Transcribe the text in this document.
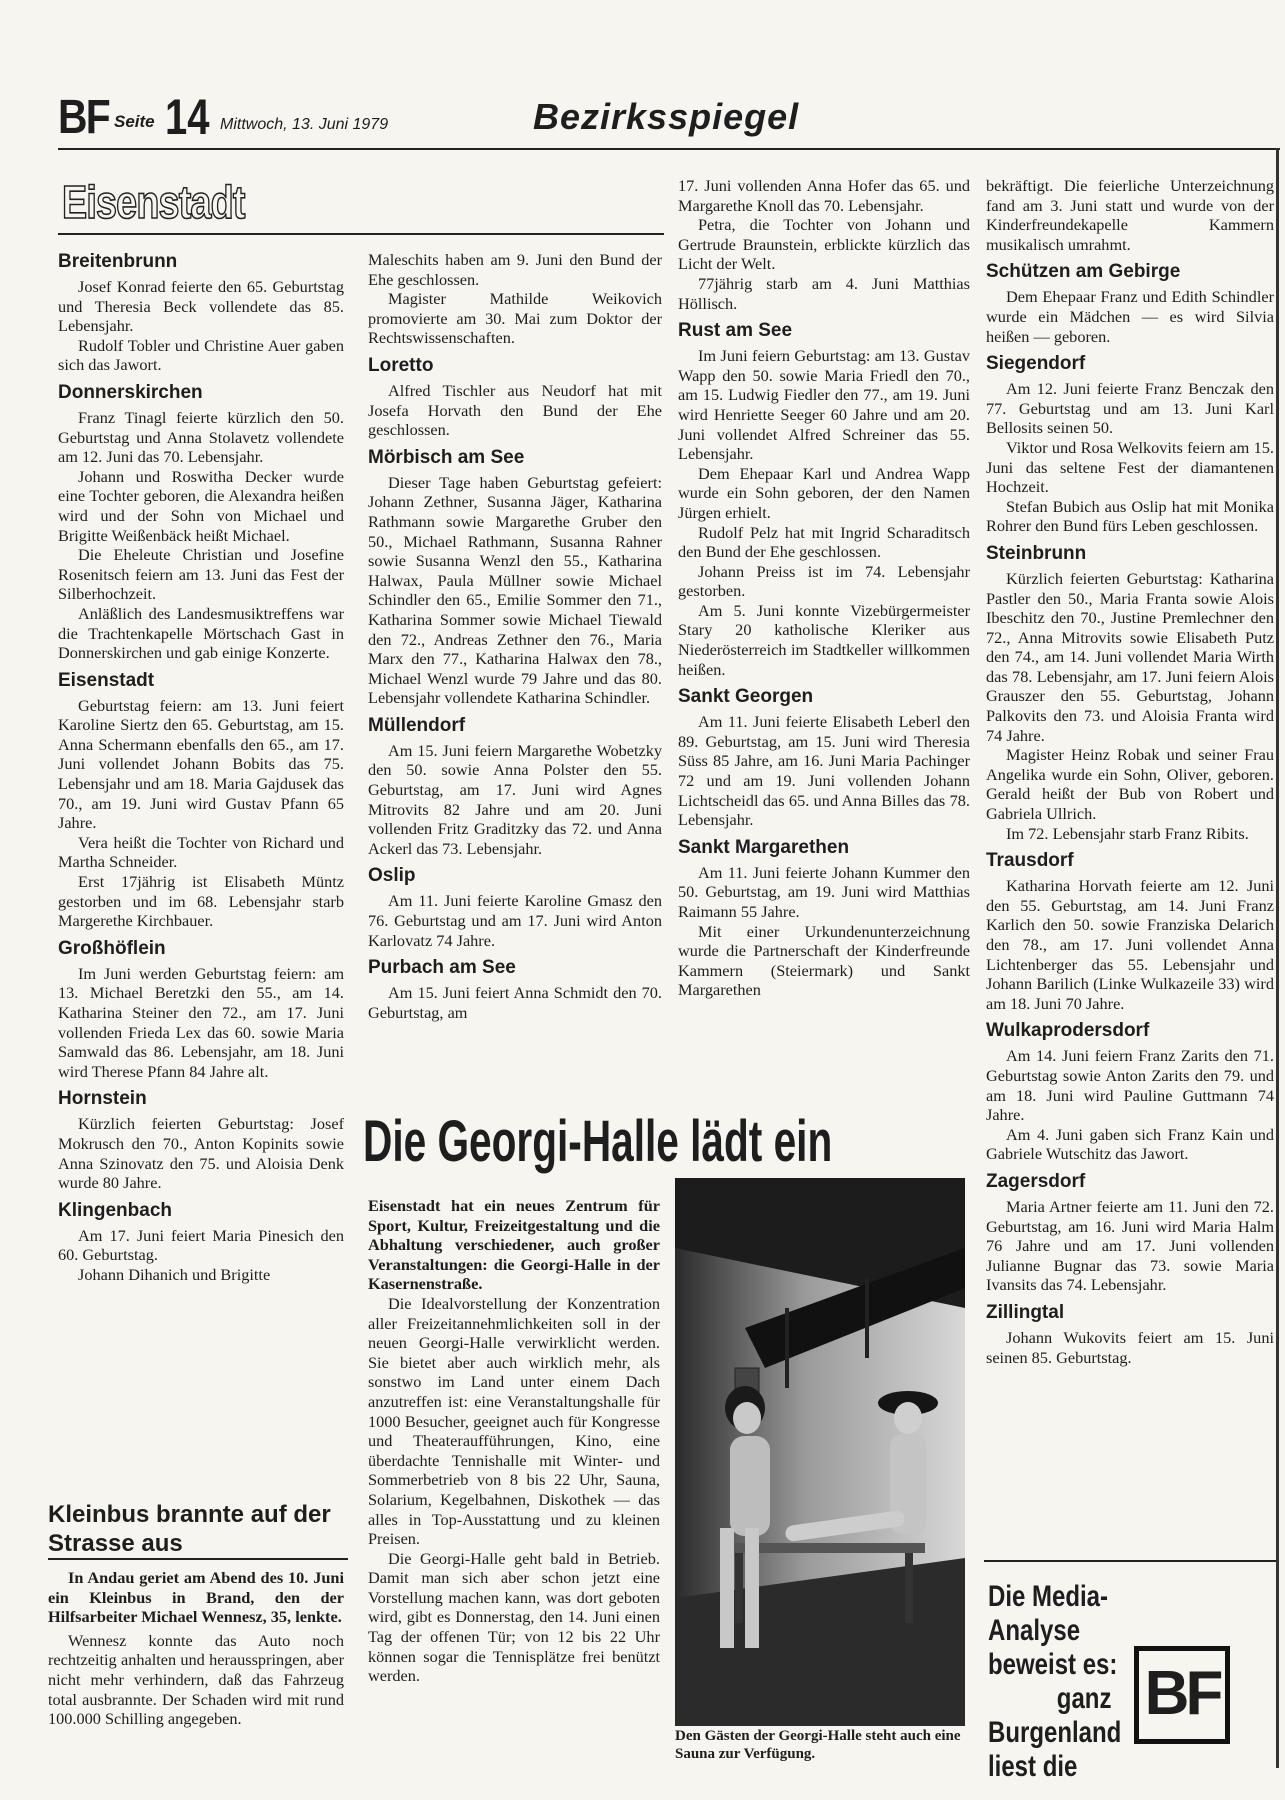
BF Seite 14 Mittwoch, 13. Juni 1979	Bezirksspiegel
Eisenstadt
Breitenbrunn

Josef Konrad feierte den 65. Geburtstag und Theresia Beck vollendete das 85. Lebensjahr.

Rudolf Tobler und Christine Auer gaben sich das Jawort.

Donnerskirchen

Franz Tinagl feierte kürzlich den 50. Geburtstag und Anna Stolavetz vollendete am 12. Juni das 70. Lebensjahr.

Johann und Roswitha Decker wurde eine Tochter geboren, die Alexandra heißen wird und der Sohn von Michael und Brigitte Weißenbäck heißt Michael.

Die Eheleute Christian und Josefine Rosenitsch feiern am 13. Juni das Fest der Silberhochzeit.

Anläßlich des Landesmusiktreffens war die Trachtenkapelle Mörtschach Gast in Donnerskirchen und gab einige Konzerte.

Eisenstadt

Geburtstag feiern: am 13. Juni feiert Karoline Siertz den 65. Geburtstag, am 15. Anna Schermann ebenfalls den 65., am 17. Juni vollendet Johann Bobits das 75. Lebensjahr und am 18. Maria Gajdusek das 70., am 19. Juni wird Gustav Pfann 65 Jahre.

Vera heißt die Tochter von Richard und Martha Schneider.

Erst 17jährig ist Elisabeth Müntz gestorben und im 68. Lebensjahr starb Margerethe Kirchbauer.

Großhöflein

Im Juni werden Geburtstag feiern: am 13. Michael Beretzki den 55., am 14. Katharina Steiner den 72., am 17. Juni vollenden Frieda Lex das 60. sowie Maria Samwald das 86. Lebensjahr, am 18. Juni wird Therese Pfann 84 Jahre alt.

Hornstein

Kürzlich feierten Geburtstag: Josef Mokrusch den 70., Anton Kopinits sowie Anna Szinovatz den 75. und Aloisia Denk wurde 80 Jahre.

Klingenbach

Am 17. Juni feiert Maria Pinesich den 60. Geburtstag.

Johann Dihanich und Brigitte

Kleinbus brannte auf der Strasse aus

In Andau geriet am Abend des 10. Juni ein Kleinbus in Brand, den der Hilfsarbeiter Michael Wennesz, 35, lenkte.

Wennesz konnte das Auto noch rechtzeitig anhalten und herausspringen, aber nicht mehr verhindern, daß das Fahrzeug total ausbrannte. Der Schaden wird mit rund 100.000 Schilling angegeben.

Maleschits haben am 9. Juni den Bund der Ehe geschlossen.

Magister Mathilde Weikovich promovierte am 30. Mai zum Doktor der Rechtswissenschaften.

Loretto

Alfred Tischler aus Neudorf hat mit Josefa Horvath den Bund der Ehe geschlossen.

Mörbisch am See

Dieser Tage haben Geburtstag gefeiert: Johann Zethner, Susanna Jäger, Katharina Rathmann sowie Margarethe Gruber den 50., Michael Rathmann, Susanna Rahner sowie Susanna Wenzl den 55., Katharina Halwax, Paula Müllner sowie Michael Schindler den 65., Emilie Sommer den 71., Katharina Sommer sowie Michael Tiewald den 72., Andreas Zethner den 76., Maria Marx den 77., Katharina Halwax den 78., Michael Wenzl wurde 79 Jahre und das 80. Lebensjahr vollendete Katharina Schindler.

Müllendorf

Am 15. Juni feiern Margarethe Wobetzky den 50. sowie Anna Polster den 55. Geburtstag, am 17. Juni wird Agnes Mitrovits 82 Jahre und am 20. Juni vollenden Fritz Graditzky das 72. und Anna Ackerl das 73. Lebensjahr.

Oslip

Am 11. Juni feierte Karoline Gmasz den 76. Geburtstag und am 17. Juni wird Anton Karlovatz 74 Jahre.

Purbach am See

Am 15. Juni feiert Anna Schmidt den 70. Geburtstag, am

17. Juni vollenden Anna Hofer das 65. und Margarethe Knoll das 70. Lebensjahr.

Petra, die Tochter von Johann und Gertrude Braunstein, erblickte kürzlich das Licht der Welt.

77jährig starb am 4. Juni Matthias Höllisch.

Rust am See

Im Juni feiern Geburtstag: am 13. Gustav Wapp den 50. sowie Maria Friedl den 70., am 15. Ludwig Fiedler den 77., am 19. Juni wird Henriette Seeger 60 Jahre und am 20. Juni vollendet Alfred Schreiner das 55. Lebensjahr.

Dem Ehepaar Karl und Andrea Wapp wurde ein Sohn geboren, der den Namen Jürgen erhielt.

Rudolf Pelz hat mit Ingrid Scharaditsch den Bund der Ehe geschlossen.

Johann Preiss ist im 74. Lebensjahr gestorben.

Am 5. Juni konnte Vizebürgermeister Stary 20 katholische Kleriker aus Niederösterreich im Stadtkeller willkommen heißen.

Sankt Georgen

Am 11. Juni feierte Elisabeth Leberl den 89. Geburtstag, am 15. Juni wird Theresia Süss 85 Jahre, am 16. Juni Maria Pachinger 72 und am 19. Juni vollenden Johann Lichtscheidl das 65. und Anna Billes das 78. Lebensjahr.

Sankt Margarethen

Am 11. Juni feierte Johann Kummer den 50. Geburtstag, am 19. Juni wird Matthias Raimann 55 Jahre.

Mit einer Urkundenunterzeichnung wurde die Partnerschaft der Kinderfreunde Kammern (Steiermark) und Sankt Margarethen

bekräftigt. Die feierliche Unterzeichnung fand am 3. Juni statt und wurde von der Kinderfreundekapelle Kammern musikalisch umrahmt.

Schützen am Gebirge

Dem Ehepaar Franz und Edith Schindler wurde ein Mädchen — es wird Silvia heißen — geboren.

Siegendorf

Am 12. Juni feierte Franz Benczak den 77. Geburtstag und am 13. Juni Karl Bellosits seinen 50.

Viktor und Rosa Welkovits feiern am 15. Juni das seltene Fest der diamantenen Hochzeit.

Stefan Bubich aus Oslip hat mit Monika Rohrer den Bund fürs Leben geschlossen.

Steinbrunn

Kürzlich feierten Geburtstag: Katharina Pastler den 50., Maria Franta sowie Alois Ibeschitz den 70., Justine Premlechner den 72., Anna Mitrovits sowie Elisabeth Putz den 74., am 14. Juni vollendet Maria Wirth das 78. Lebensjahr, am 17. Juni feiern Alois Grauszer den 55. Geburtstag, Johann Palkovits den 73. und Aloisia Franta wird 74 Jahre.

Magister Heinz Robak und seiner Frau Angelika wurde ein Sohn, Oliver, geboren. Gerald heißt der Bub von Robert und Gabriela Ullrich.

Im 72. Lebensjahr starb Franz Ribits.

Trausdorf

Katharina Horvath feierte am 12. Juni den 55. Geburtstag, am 14. Juni Franz Karlich den 50. sowie Franziska Delarich den 78., am 17. Juni vollendet Anna Lichtenberger das 55. Lebensjahr und Johann Barilich (Linke Wulkazeile 33) wird am 18. Juni 70 Jahre.

Wulkaprodersdorf

Am 14. Juni feiern Franz Zarits den 71. Geburtstag sowie Anton Zarits den 79. und am 18. Juni wird Pauline Guttmann 74 Jahre.

Am 4. Juni gaben sich Franz Kain und Gabriele Wutschitz das Jawort.

Zagersdorf

Maria Artner feierte am 11. Juni den 72. Geburtstag, am 16. Juni wird Maria Halm 76 Jahre und am 17. Juni vollenden Julianne Bugnar das 73. sowie Maria Ivansits das 74. Lebensjahr.

Zillingtal

Johann Wukovits feiert am 15. Juni seinen 85. Geburtstag.

Die Georgi-Halle lädt ein

Eisenstadt hat ein neues Zentrum für Sport, Kultur, Freizeitgestaltung und die Abhaltung verschiedener, auch großer Veranstaltungen: die Georgi-Halle in der Kasernenstraße.

Die Idealvorstellung der Konzentration aller Freizeitannehmlichkeiten soll in der neuen Georgi-Halle verwirklicht werden. Sie bietet aber auch wirklich mehr, als sonstwo im Land unter einem Dach anzutreffen ist: eine Veranstaltungshalle für 1000 Besucher, geeignet auch für Kongresse und Theateraufführungen, Kino, eine überdachte Tennishalle mit Winter- und Sommerbetrieb von 8 bis 22 Uhr, Sauna, Solarium, Kegelbahnen, Diskothek — das alles in Top-Ausstattung und zu kleinen Preisen.

Die Georgi-Halle geht bald in Betrieb. Damit man sich aber schon jetzt eine Vorstellung machen kann, was dort geboten wird, gibt es Donnerstag, den 14. Juni einen Tag der offenen Tür; von 12 bis 22 Uhr können sogar die Tennisplätze frei benützt werden.

Den Gästen der Georgi-Halle steht auch eine Sauna zur Verfügung.
Die Media-Analyse
beweist es:
ganz
Burgenland
liest die
BF
